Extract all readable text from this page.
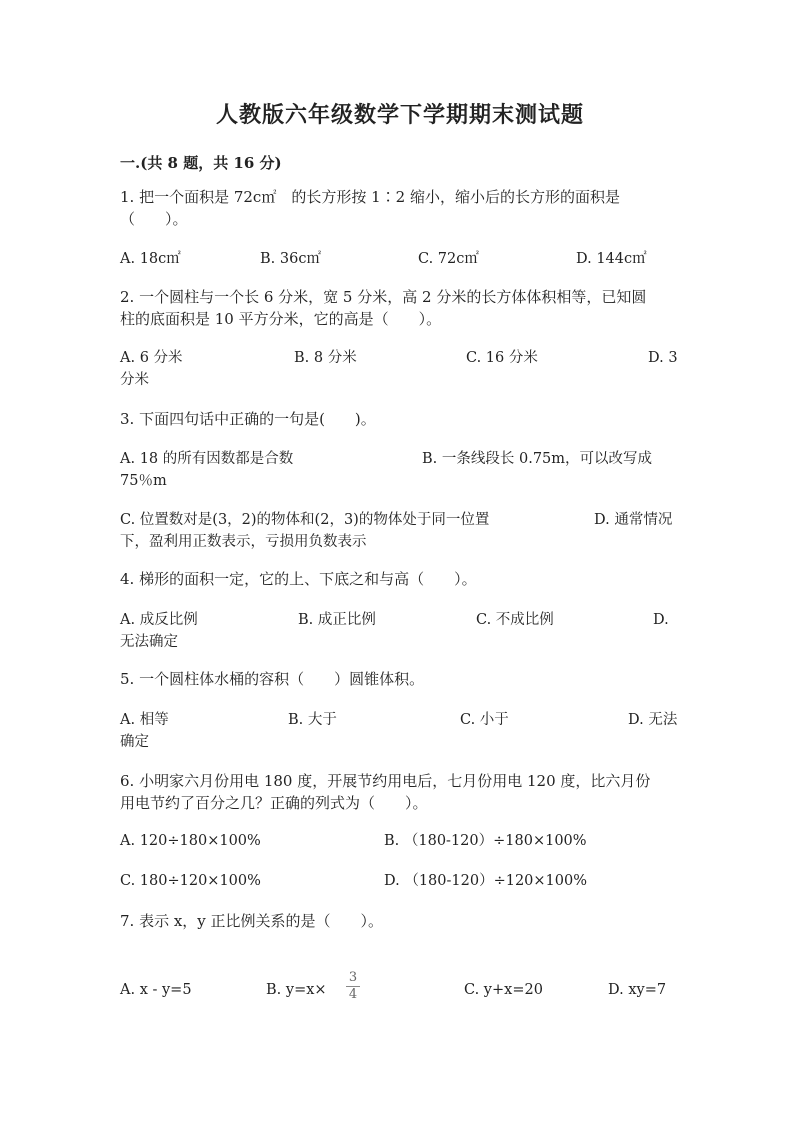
人教版六年级数学下学期期末测试题
一.(共 8 题，共 16 分)
1. 把一个面积是 72c㎡　的长方形按 1∶2 缩小，缩小后的长方形的面积是
（　　）。
A. 18c㎡	B. 36c㎡	C. 72c㎡	D. 144c㎡
2. 一个圆柱与一个长 6 分米，宽 5 分米，高 2 分米的长方体体积相等，已知圆
柱的底面积是 10 平方分米，它的高是（　　）。
A. 6 分米	B. 8 分米	C. 16 分米	D. 3
分米
3. 下面四句话中正确的一句是(　　)。
A. 18 的所有因数都是合数	B. 一条线段长 0.75m，可以改写成
75％m
C. 位置数对是(3，2)的物体和(2，3)的物体处于同一位置	D. 通常情况
下，盈利用正数表示，亏损用负数表示
4. 梯形的面积一定，它的上、下底之和与高（　　）。
A. 成反比例	B. 成正比例	C. 不成比例	D.
无法确定
5. 一个圆柱体水桶的容积（　　）圆锥体积。
A. 相等	B. 大于	C. 小于	D. 无法
确定
6. 小明家六月份用电 180 度，开展节约用电后，七月份用电 120 度，比六月份
用电节约了百分之几？正确的列式为（　　）。
A. 120÷180×100%	B. （180-120）÷180×100%
C. 180÷120×100%	D. （180-120）÷120×100%
7. 表示 x，y 正比例关系的是（　　）。
A. x - y=5	B. $y=x\times \frac{3}{4}$	C. y+x=20	D. xy=7
